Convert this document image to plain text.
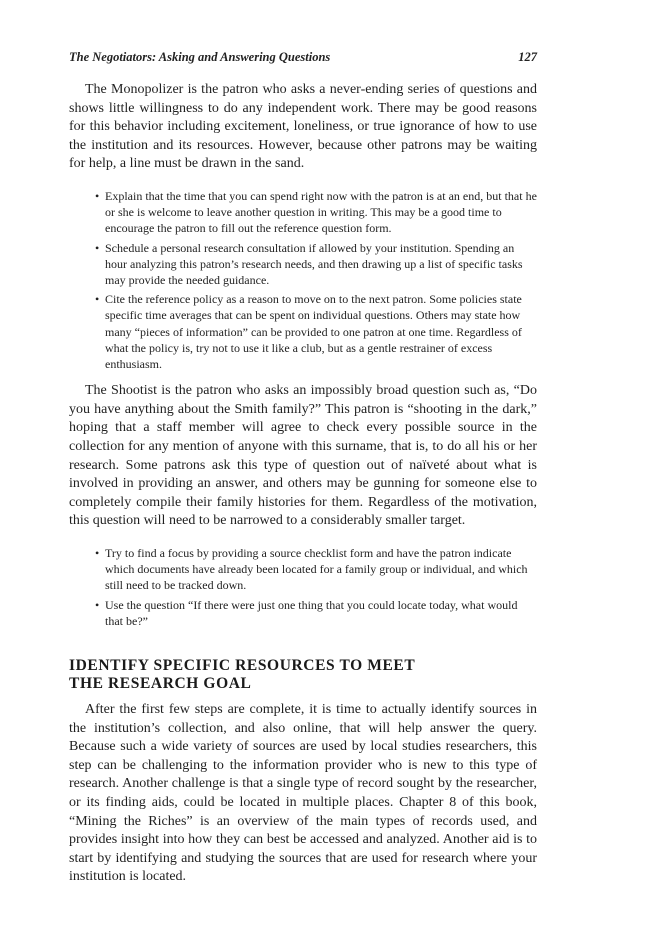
The Negotiators: Asking and Answering Questions	127

The Monopolizer is the patron who asks a never-ending series of questions and shows little willingness to do any independent work. There may be good reasons for this behavior including excitement, loneliness, or true ignorance of how to use the institution and its resources. However, because other patrons may be waiting for help, a line must be drawn in the sand.

• Explain that the time that you can spend right now with the patron is at an end, but that he or she is welcome to leave another question in writing. This may be a good time to encourage the patron to fill out the reference question form.
• Schedule a personal research consultation if allowed by your institution. Spending an hour analyzing this patron’s research needs, and then drawing up a list of specific tasks may provide the needed guidance.
• Cite the reference policy as a reason to move on to the next patron. Some policies state specific time averages that can be spent on individual questions. Others may state how many “pieces of information” can be provided to one patron at one time. Regardless of what the policy is, try not to use it like a club, but as a gentle restrainer of excess enthusiasm.

The Shootist is the patron who asks an impossibly broad question such as, “Do you have anything about the Smith family?” This patron is “shooting in the dark,” hoping that a staff member will agree to check every possible source in the collection for any mention of anyone with this surname, that is, to do all his or her research. Some patrons ask this type of question out of naïveté about what is involved in providing an answer, and others may be gunning for someone else to completely compile their family histories for them. Regardless of the motivation, this question will need to be narrowed to a considerably smaller target.

• Try to find a focus by providing a source checklist form and have the patron indicate which documents have already been located for a family group or individual, and which still need to be tracked down.
• Use the question “If there were just one thing that you could locate today, what would that be?”
IDENTIFY SPECIFIC RESOURCES TO MEET
THE RESEARCH GOAL

After the first few steps are complete, it is time to actually identify sources in the institution’s collection, and also online, that will help answer the query. Because such a wide variety of sources are used by local studies researchers, this step can be challenging to the information provider who is new to this type of research. Another challenge is that a single type of record sought by the researcher, or its finding aids, could be located in multiple places. Chapter 8 of this book, “Mining the Riches” is an overview of the main types of records used, and provides insight into how they can best be accessed and analyzed. Another aid is to start by identifying and studying the sources that are used for research where your institution is located.
